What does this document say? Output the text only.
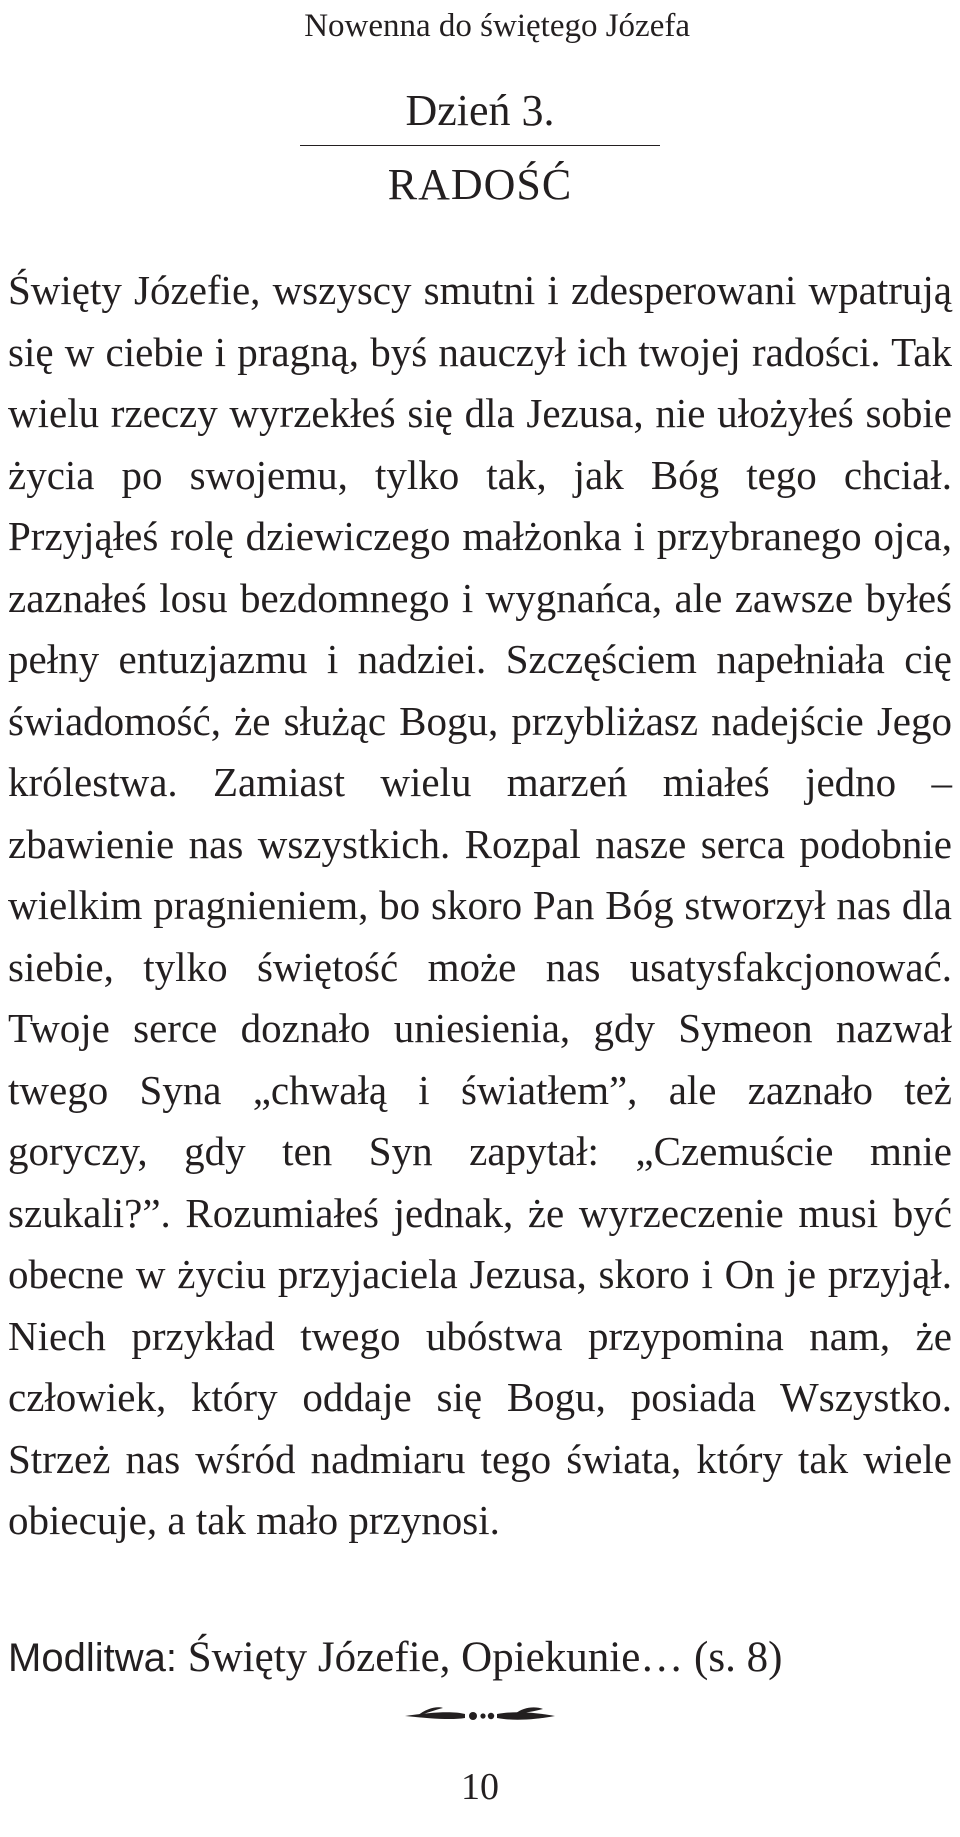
Nowenna do świętego Józefa
Dzień 3.
RADOŚĆ

Święty Józefie, wszyscy smutni i zdesperowani wpatrują się w ciebie i pragną, byś nauczył ich twojej radości. Tak wielu rzeczy wyrzekłeś się dla Jezusa, nie ułożyłeś sobie życia po swojemu, tylko tak, jak Bóg tego chciał. Przyjąłeś rolę dziewiczego małżonka i przybranego ojca, zaznałeś losu bezdomnego i wygnańca, ale zawsze byłeś pełny entuzjazmu i nadziei. Szczęściem napełniała cię świadomość, że służąc Bogu, przybliżasz nadejście Jego królestwa. Zamiast wielu marzeń miałeś jedno – zbawienie nas wszystkich. Rozpal nasze serca podobnie wielkim pragnieniem, bo skoro Pan Bóg stworzył nas dla siebie, tylko świętość może nas usatysfakcjonować. Twoje serce doznało uniesienia, gdy Symeon nazwał twego Syna „chwałą i światłem”, ale zaznało też goryczy, gdy ten Syn zapytał: „Czemuście mnie szukali?”. Rozumiałeś jednak, że wyrzeczenie musi być obecne w życiu przyjaciela Jezusa, skoro i On je przyjął. Niech przykład twego ubóstwa przypomina nam, że człowiek, który oddaje się Bogu, posiada Wszystko. Strzeż nas wśród nadmiaru tego świata, który tak wiele obiecuje, a tak mało przynosi.

Modlitwa: Święty Józefie, Opiekunie… (s. 8)
10
